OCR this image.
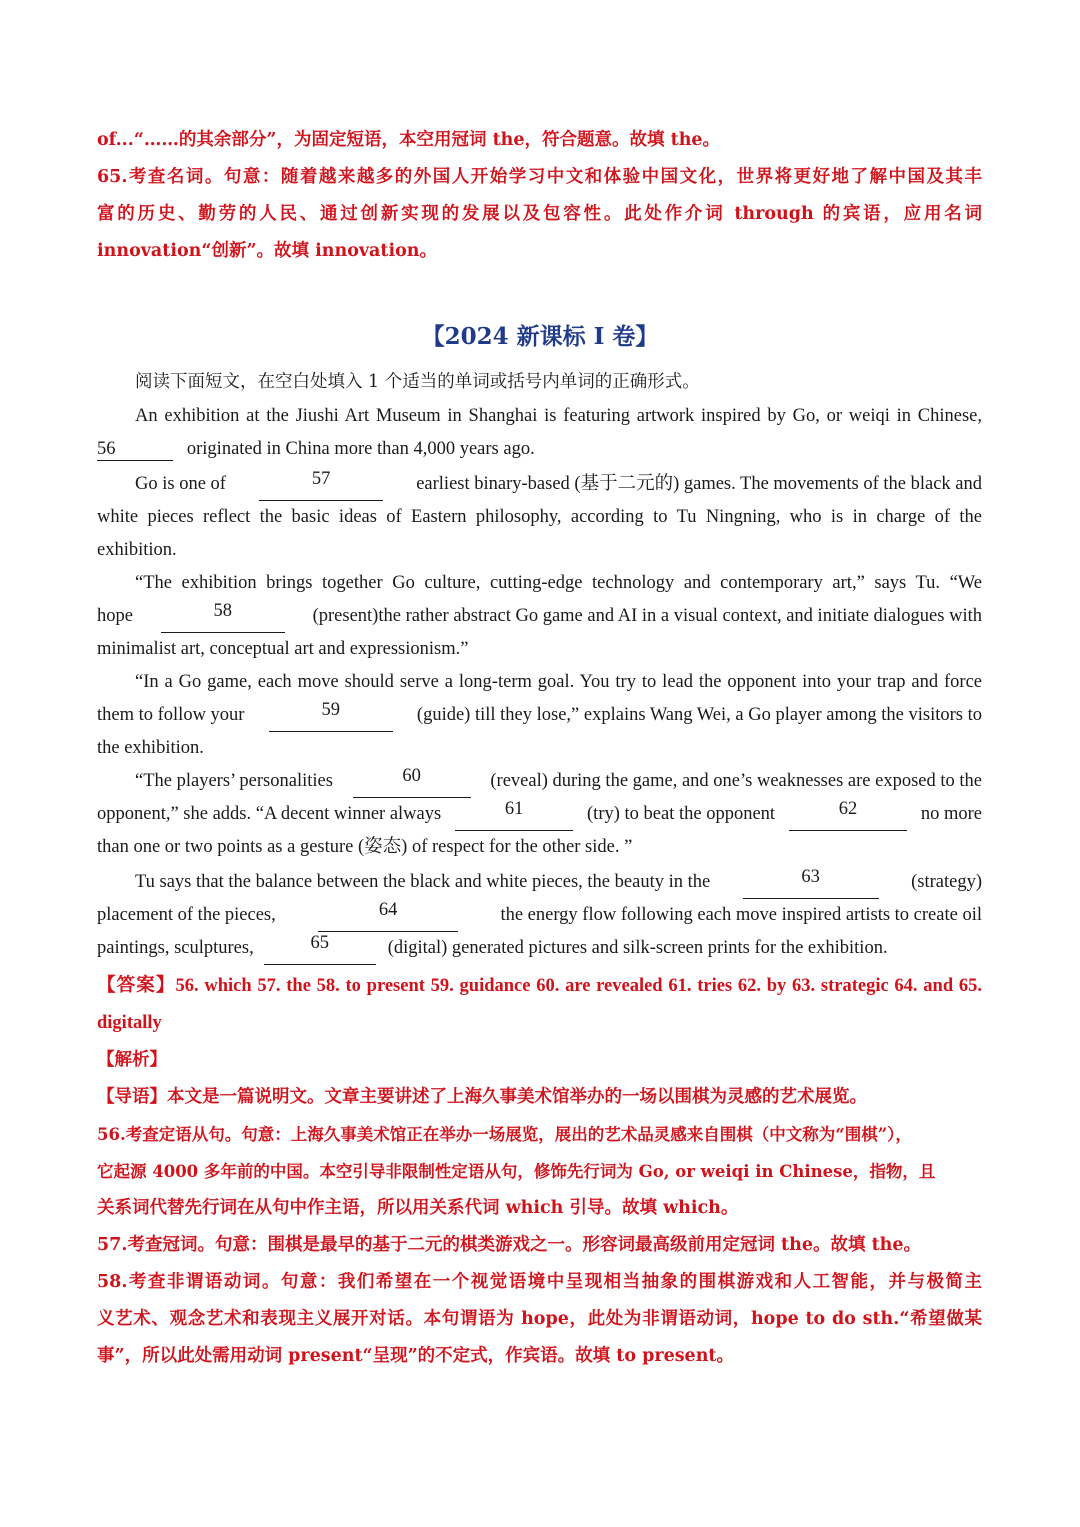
of...“……的其余部分”，为固定短语，本空用冠词 the，符合题意。故填 the。
65.考查名词。句意：随着越来越多的外国人开始学习中文和体验中国文化，世界将更好地了解中国及其丰
富的历史、勤劳的人民、通过创新实现的发展以及包容性。此处作介词 through 的宾语，应用名词
innovation“创新”。故填 innovation。
【2024 新课标 I 卷】
阅读下面短文，在空白处填入 1 个适当的单词或括号内单词的正确形式。
An exhibition at the Jiushi Art Museum in Shanghai is featuring artwork inspired by Go, or weiqi in Chinese,
56	originated in China more than 4,000 years ago.
Go is one of	57	earliest binary-based (基于二元的) games. The movements of the black and
white pieces reflect the basic ideas of Eastern philosophy, according to Tu Ningning, who is in charge of the
exhibition.
“The exhibition brings together Go culture, cutting-edge technology and contemporary art,” says Tu. “We
hope	58	(present)the rather abstract Go game and AI in a visual context, and initiate dialogues with
minimalist art, conceptual art and expressionism.”
“In a Go game, each move should serve a long-term goal. You try to lead the opponent into your trap and force
them to follow your	59	(guide) till they lose,” explains Wang Wei, a Go player among the visitors to
the exhibition.
“The players’ personalities	60	(reveal) during the game, and one’s weaknesses are exposed to the
opponent,” she adds. “A decent winner always	61	(try) to beat the opponent	62	no more
than one or two points as a gesture (姿态) of respect for the other side. ”
Tu says that the balance between the black and white pieces, the beauty in the	63	(strategy)
placement of the pieces,	64	the energy flow following each move inspired artists to create oil
paintings, sculptures,	65	(digital) generated pictures and silk-screen prints for the exhibition.
【答案】56. which 57. the 58. to present 59. guidance 60. are revealed 61. tries 62. by 63. strategic 64. and 65.
digitally
【解析】
【导语】本文是一篇说明文。文章主要讲述了上海久事美术馆举办的一场以围棋为灵感的艺术展览。
56.考查定语从句。句意：上海久事美术馆正在举办一场展览，展出的艺术品灵感来自围棋（中文称为“围棋”），
它起源 4000 多年前的中国。本空引导非限制性定语从句，修饰先行词为 Go, or weiqi in Chinese，指物，且
关系词代替先行词在从句中作主语，所以用关系代词 which 引导。故填 which。
57.考查冠词。句意：围棋是最早的基于二元的棋类游戏之一。形容词最高级前用定冠词 the。故填 the。
58.考查非谓语动词。句意：我们希望在一个视觉语境中呈现相当抽象的围棋游戏和人工智能，并与极简主
义艺术、观念艺术和表现主义展开对话。本句谓语为 hope，此处为非谓语动词，hope to do sth.“希望做某
事”，所以此处需用动词 present“呈现”的不定式，作宾语。故填 to present。
